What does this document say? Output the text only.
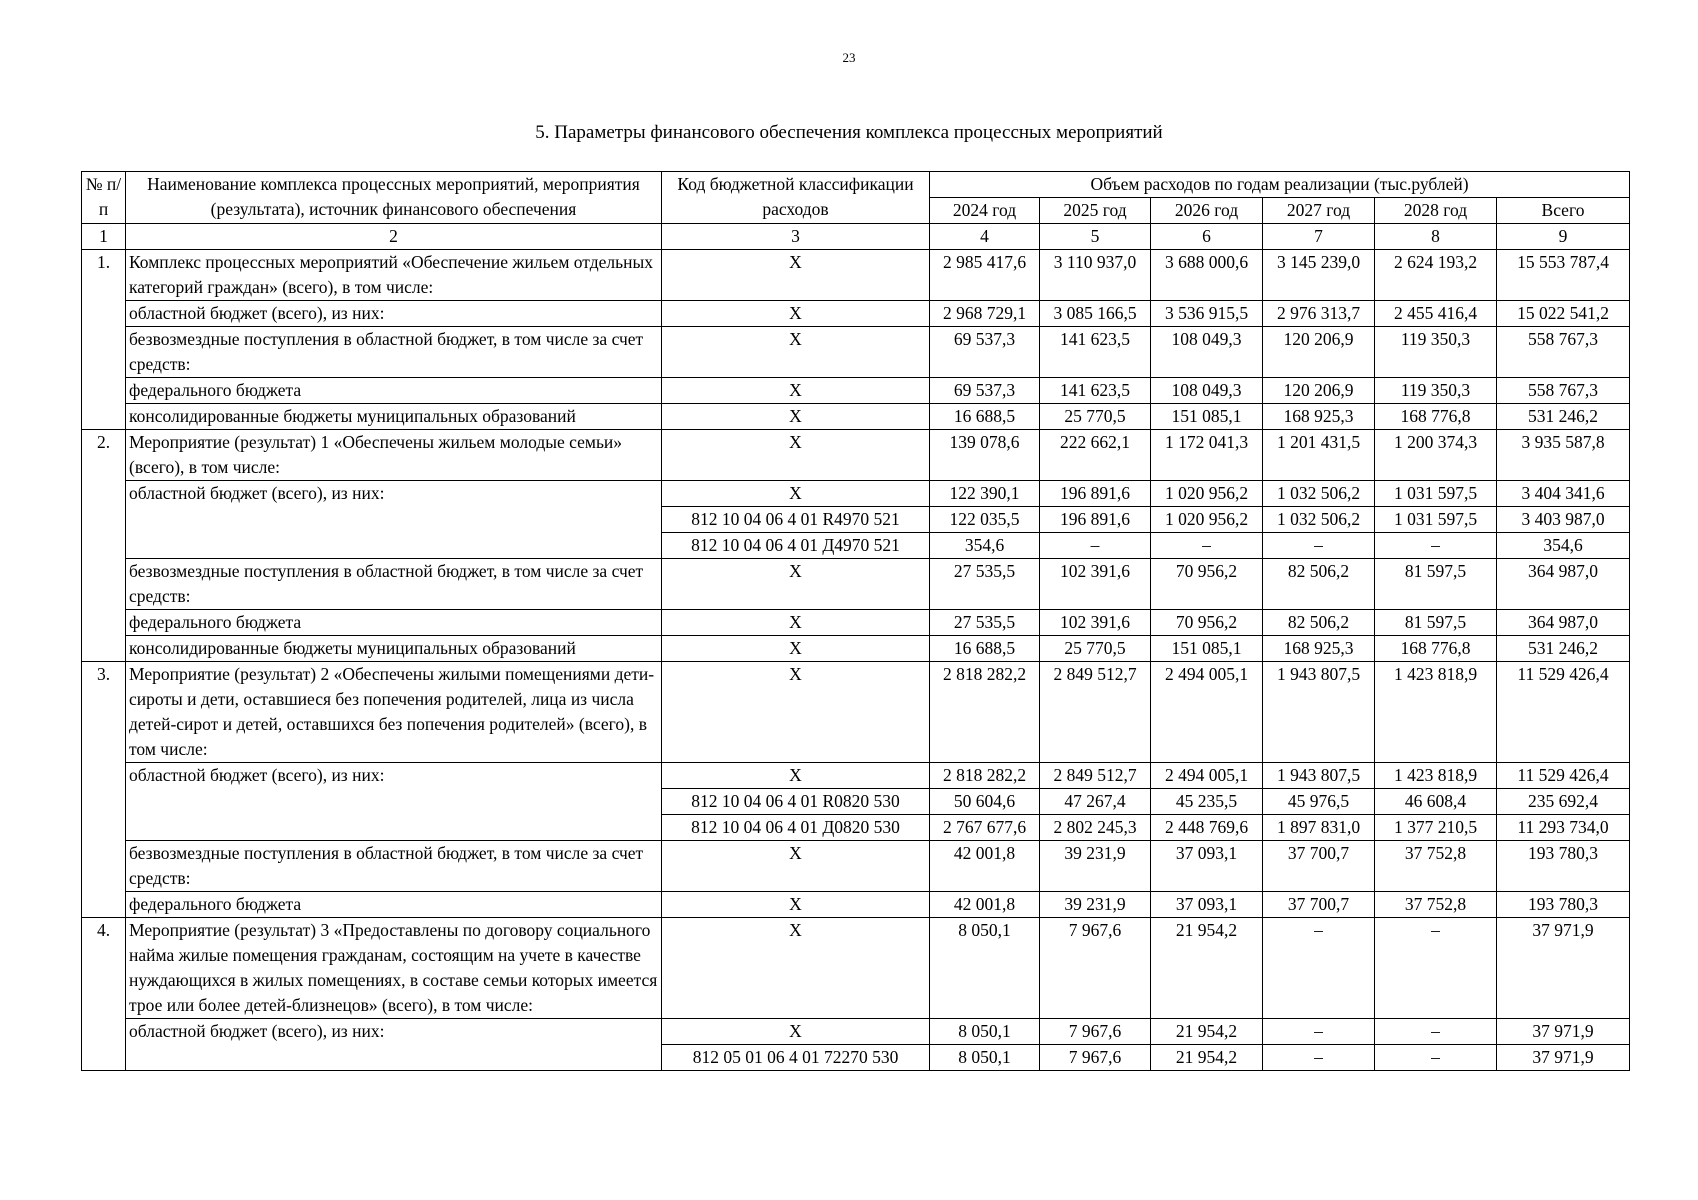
23
5. Параметры финансового обеспечения комплекса процессных мероприятий
№ п/п	Наименование комплекса процессных мероприятий, мероприятия (результата), источник финансового обеспечения	Код бюджетной классификации расходов	Объем расходов по годам реализации (тыс.рублей)					
			2024 год	2025 год	2026 год	2027 год	2028 год	Всего
1	2	3	4	5	6	7	8	9
1.	Комплекс процессных мероприятий «Обеспечение жильем отдельных категорий граждан» (всего), в том числе:	X	2 985 417,6	3 110 937,0	3 688 000,6	3 145 239,0	2 624 193,2	15 553 787,4
	областной бюджет (всего), из них:	X	2 968 729,1	3 085 166,5	3 536 915,5	2 976 313,7	2 455 416,4	15 022 541,2
	безвозмездные поступления в областной бюджет, в том числе за счет средств:	X	69 537,3	141 623,5	108 049,3	120 206,9	119 350,3	558 767,3
	федерального бюджета	X	69 537,3	141 623,5	108 049,3	120 206,9	119 350,3	558 767,3
	консолидированные бюджеты муниципальных образований	X	16 688,5	25 770,5	151 085,1	168 925,3	168 776,8	531 246,2
2.	Мероприятие (результат) 1 «Обеспечены жильем молодые семьи» (всего), в том числе:	X	139 078,6	222 662,1	1 172 041,3	1 201 431,5	1 200 374,3	3 935 587,8
	областной бюджет (всего), из них:	X	122 390,1	196 891,6	1 020 956,2	1 032 506,2	1 031 597,5	3 404 341,6
		812 10 04 06 4 01 R4970 521	122 035,5	196 891,6	1 020 956,2	1 032 506,2	1 031 597,5	3 403 987,0
		812 10 04 06 4 01 Д4970 521	354,6	–	–	–	–	354,6
	безвозмездные поступления в областной бюджет, в том числе за счет средств:	X	27 535,5	102 391,6	70 956,2	82 506,2	81 597,5	364 987,0
	федерального бюджета	X	27 535,5	102 391,6	70 956,2	82 506,2	81 597,5	364 987,0
	консолидированные бюджеты муниципальных образований	X	16 688,5	25 770,5	151 085,1	168 925,3	168 776,8	531 246,2
3.	Мероприятие (результат) 2 «Обеспечены жилыми помещениями дети-сироты и дети, оставшиеся без попечения родителей, лица из числа детей-сирот и детей, оставшихся без попечения родителей» (всего), в том числе:	X	2 818 282,2	2 849 512,7	2 494 005,1	1 943 807,5	1 423 818,9	11 529 426,4
	областной бюджет (всего), из них:	X	2 818 282,2	2 849 512,7	2 494 005,1	1 943 807,5	1 423 818,9	11 529 426,4
		812 10 04 06 4 01 R0820 530	50 604,6	47 267,4	45 235,5	45 976,5	46 608,4	235 692,4
		812 10 04 06 4 01 Д0820 530	2 767 677,6	2 802 245,3	2 448 769,6	1 897 831,0	1 377 210,5	11 293 734,0
	безвозмездные поступления в областной бюджет, в том числе за счет средств:	X	42 001,8	39 231,9	37 093,1	37 700,7	37 752,8	193 780,3
	федерального бюджета	X	42 001,8	39 231,9	37 093,1	37 700,7	37 752,8	193 780,3
4.	Мероприятие (результат) 3 «Предоставлены по договору социального найма жилые помещения гражданам, состоящим на учете в качестве нуждающихся в жилых помещениях, в составе семьи которых имеется трое или более детей-близнецов» (всего), в том числе:	X	8 050,1	7 967,6	21 954,2	–	–	37 971,9
	областной бюджет (всего), из них:	X	8 050,1	7 967,6	21 954,2	–	–	37 971,9
		812 05 01 06 4 01 72270 530	8 050,1	7 967,6	21 954,2	–	–	37 971,9
